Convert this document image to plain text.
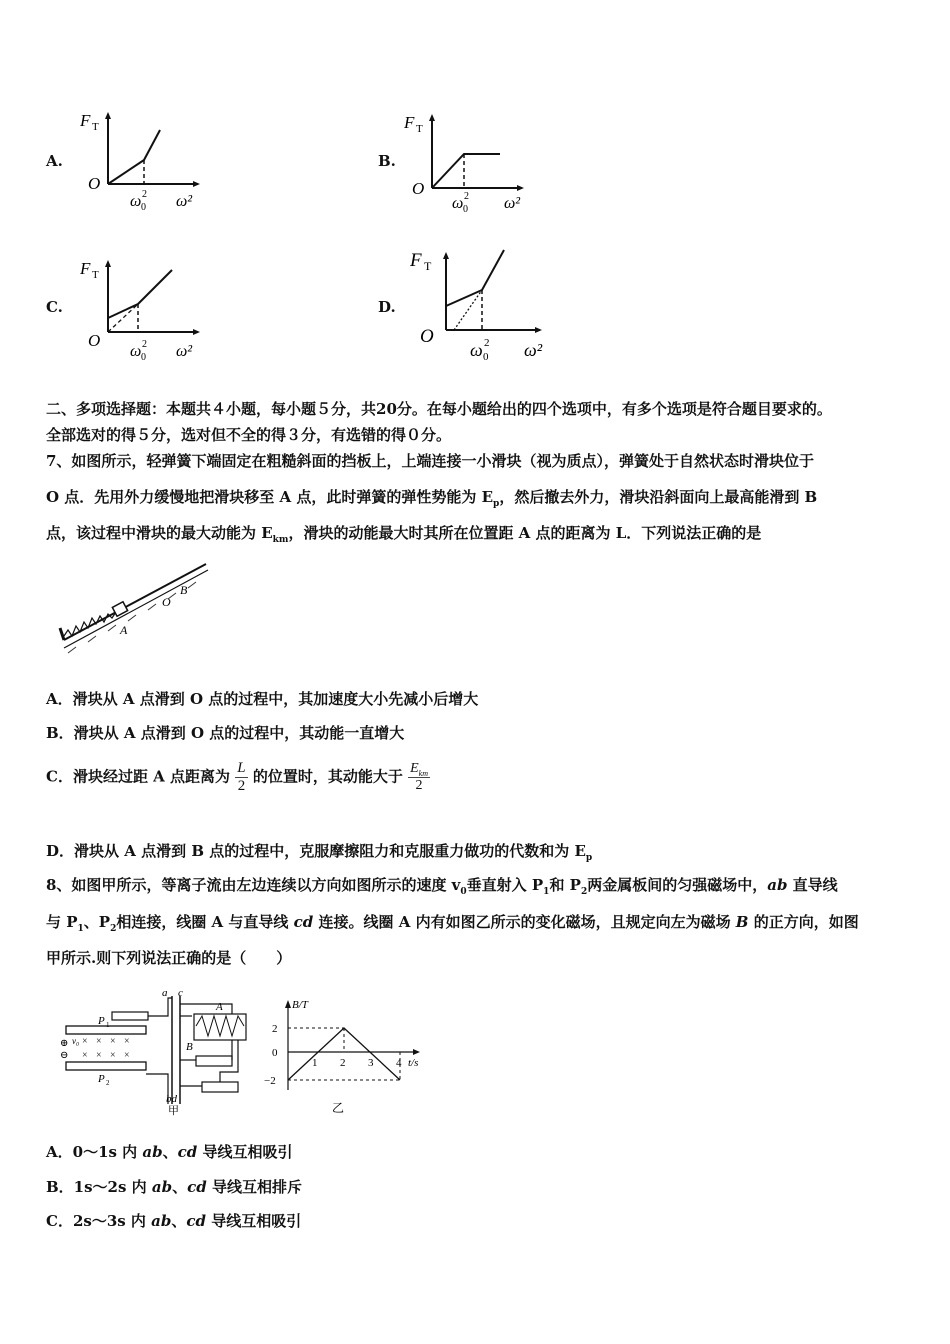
A.
F T
O
ω 2
0 ω²
B.
F T
O
ω 2
0 ω²
C.
F T
O
ω 2
0 ω²
D.
F T
O
ω 2
0 ω²
二、多项选择题：本题共４小题，每小题５分，共20分。在每小题给出的四个选项中，有多个选项是符合题目要求的。
全部选对的得５分，选对但不全的得３分，有选错的得０分。
7、如图所示，轻弹簧下端固定在粗糙斜面的挡板上，上端连接一小滑块（视为质点），弹簧处于自然状态时滑块位于
O 点．先用外力缓慢地把滑块移至 A 点，此时弹簧的弹性势能为 $E_p$，然后撤去外力，滑块沿斜面向上最高能滑到 B
点，该过程中滑块的最大动能为 $E_{km}$，滑块的动能最大时其所在位置距 A 点的距离为 L．下列说法正确的是
A
O
B
A．滑块从 A 点滑到 O 点的过程中，其加速度大小先减小后增大
B．滑块从 A 点滑到 O 点的过程中，其动能一直增大
C．滑块经过距 A 点距离为 $\frac{L}{2}$ 的位置时，其动能大于 $\frac{E_{km}}{2}$
D．滑块从 A 点滑到 B 点的过程中，克服摩擦阻力和克服重力做功的代数和为 $E_p$
8、如图甲所示，等离子流由左边连续以方向如图所示的速度 $v_0$垂直射入 $P_1$和 $P_2$两金属板间的匀强磁场中，ab 直导线
与 $P_1$、$P_2$相连接，线圈 A 与直导线 cd 连接。线圈 A 内有如图乙所示的变化磁场，且规定向左为磁场 B 的正方向，如图
甲所示.则下列说法正确的是（　　）
P 1
P 2
⊕
⊖
v₀ × × × ×
× × × ×
a c
bd
甲
A
B
B/T
2
0
−2
1 2 3 4 t/s
乙
A．0～1s 内 ab、cd 导线互相吸引
B．1s～2s 内 ab、cd 导线互相排斥
C．2s～3s 内 ab、cd 导线互相吸引
